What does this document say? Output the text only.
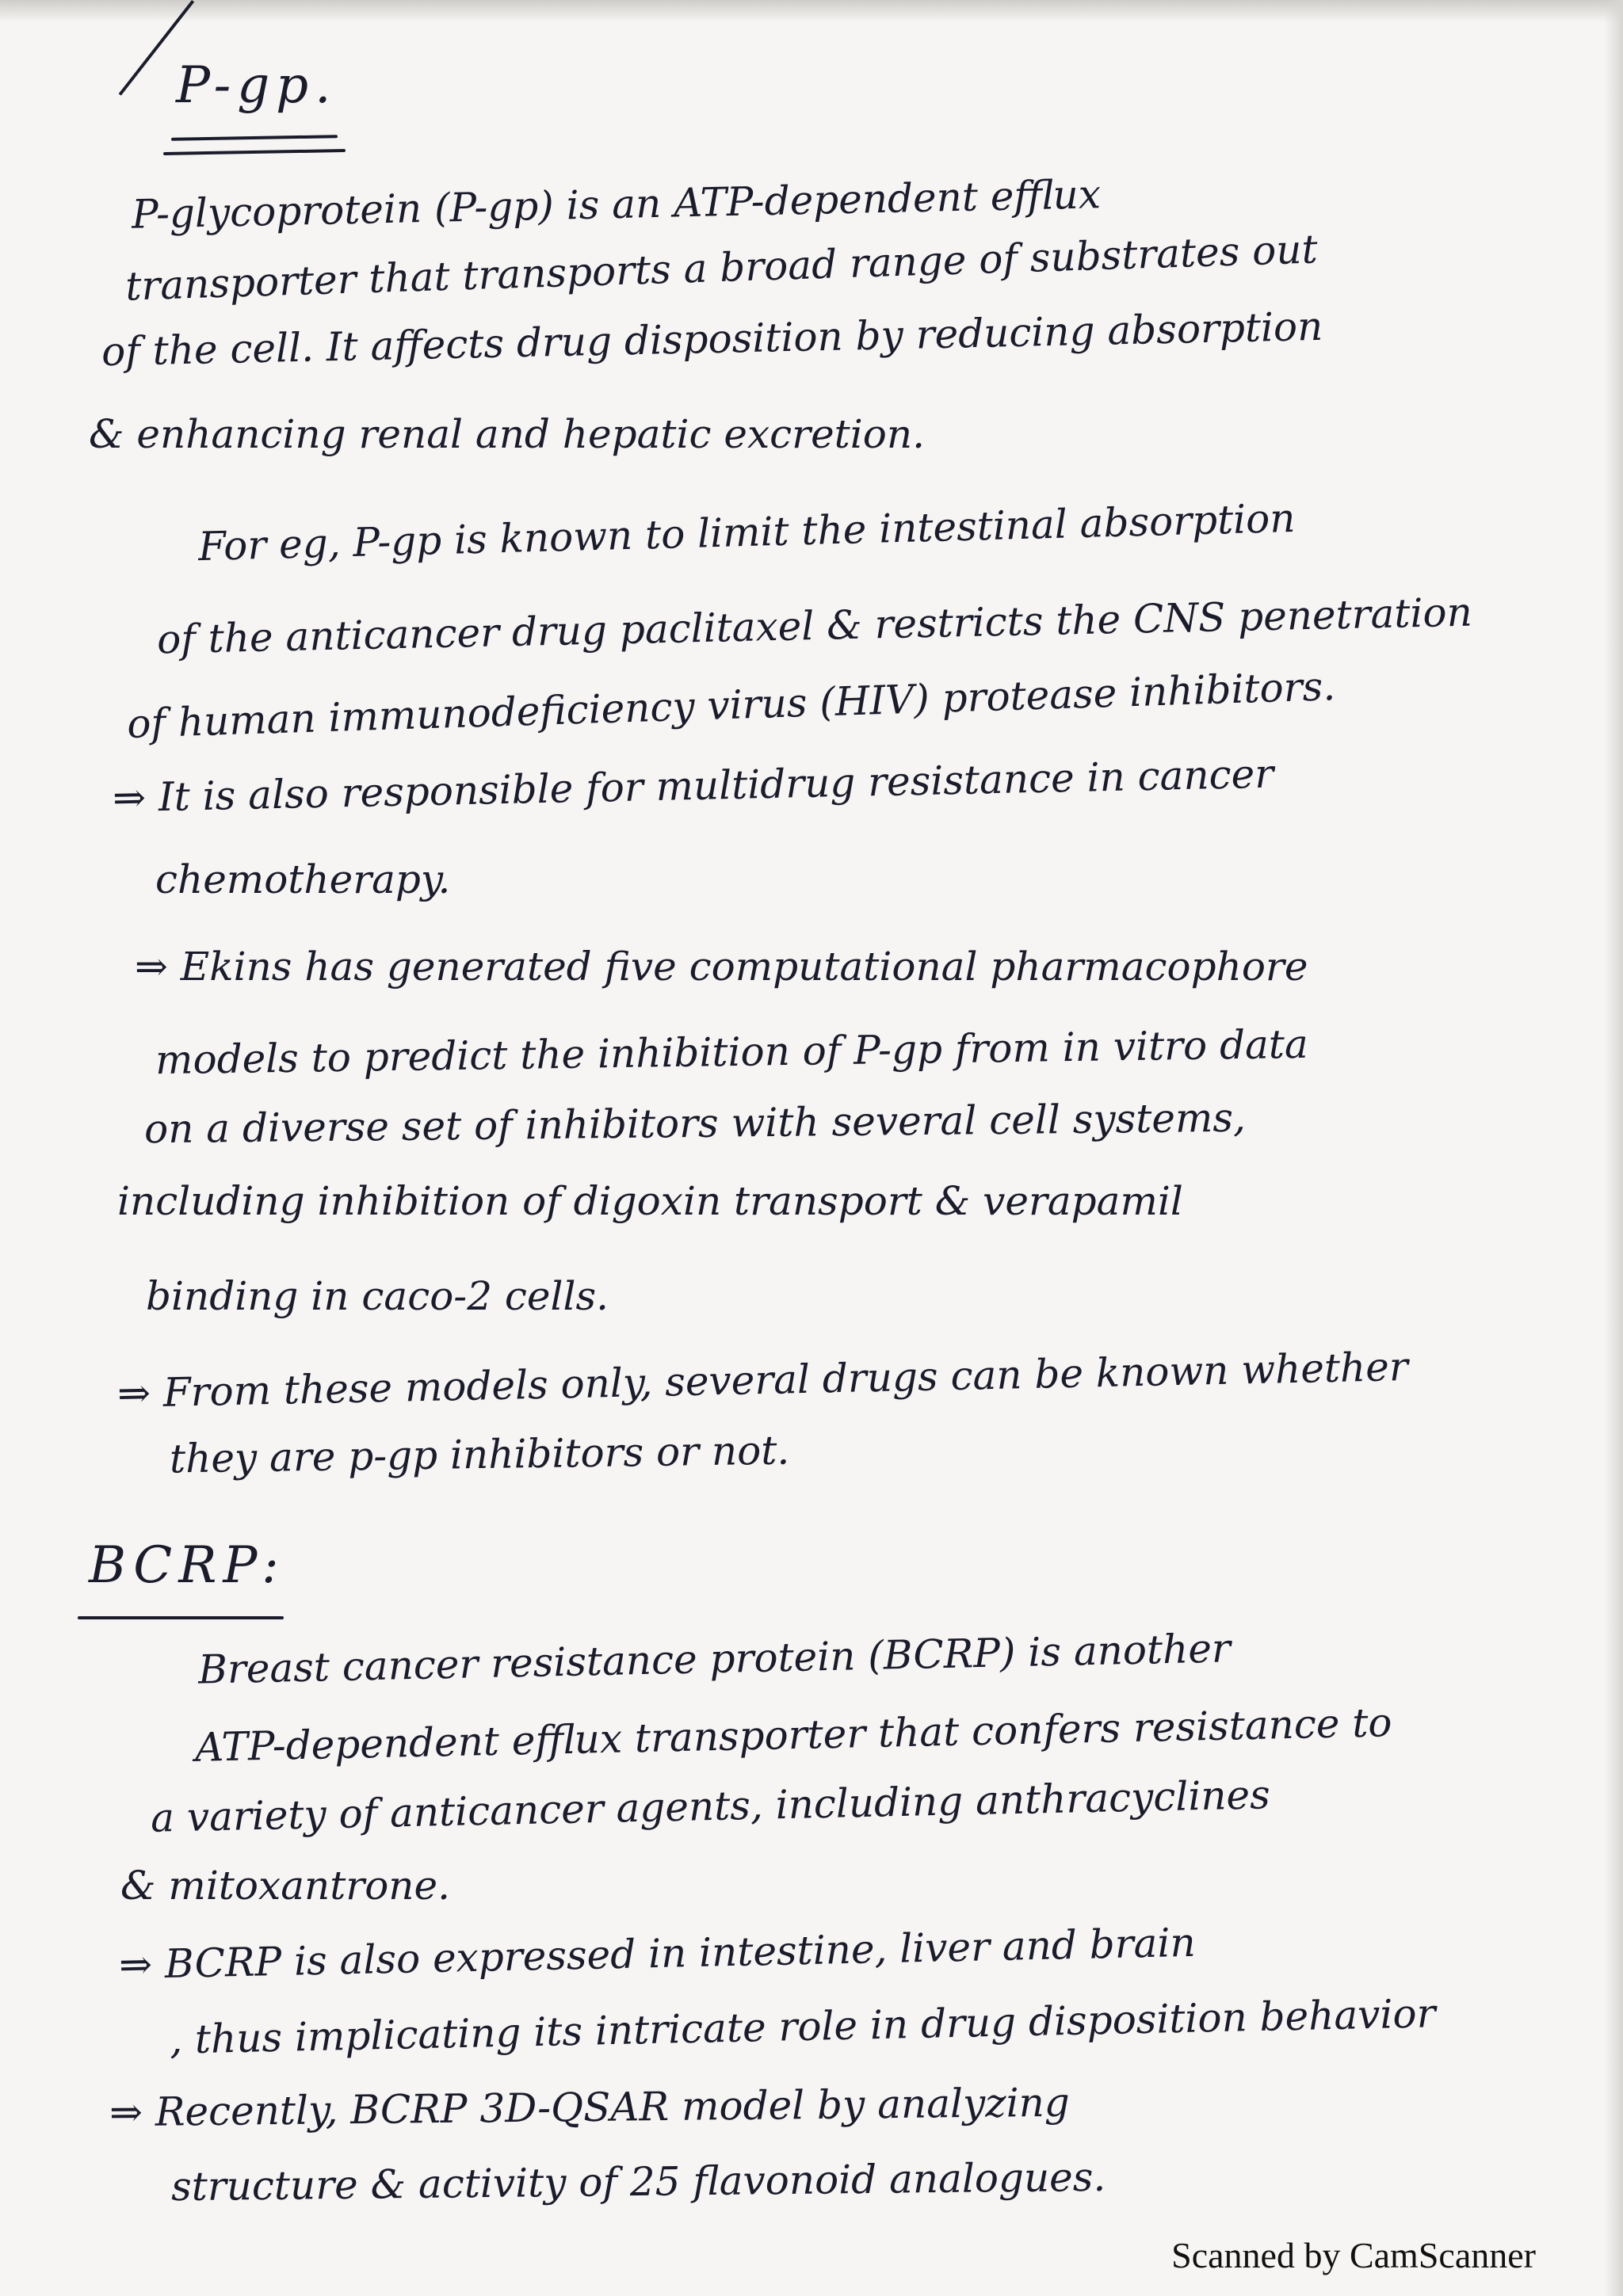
P-gp.

P-glycoprotein (P-gp) is an ATP-dependent efflux

transporter that transports a broad range of substrates out

of the cell. It affects drug disposition by reducing absorption

& enhancing renal and hepatic excretion.

For eg, P-gp is known to limit the intestinal absorption

of the anticancer drug paclitaxel & restricts the CNS penetration

of human immunodeficiency virus (HIV) protease inhibitors.

⇒ It is also responsible for multidrug resistance in cancer

chemotherapy.

⇒ Ekins has generated five computational pharmacophore

models to predict the inhibition of P-gp from in vitro data

on a diverse set of inhibitors with several cell systems,

including inhibition of digoxin transport & verapamil

binding in caco-2 cells.

⇒ From these models only, several drugs can be known whether

they are p-gp inhibitors or not.

BCRP:

Breast cancer resistance protein (BCRP) is another

ATP-dependent efflux transporter that confers resistance to

a variety of anticancer agents, including anthracyclines

& mitoxantrone.

⇒ BCRP is also expressed in intestine, liver and brain

, thus implicating its intricate role in drug disposition behavior

⇒ Recently, BCRP 3D-QSAR model by analyzing

structure & activity of 25 flavonoid analogues.

Scanned by CamScanner
